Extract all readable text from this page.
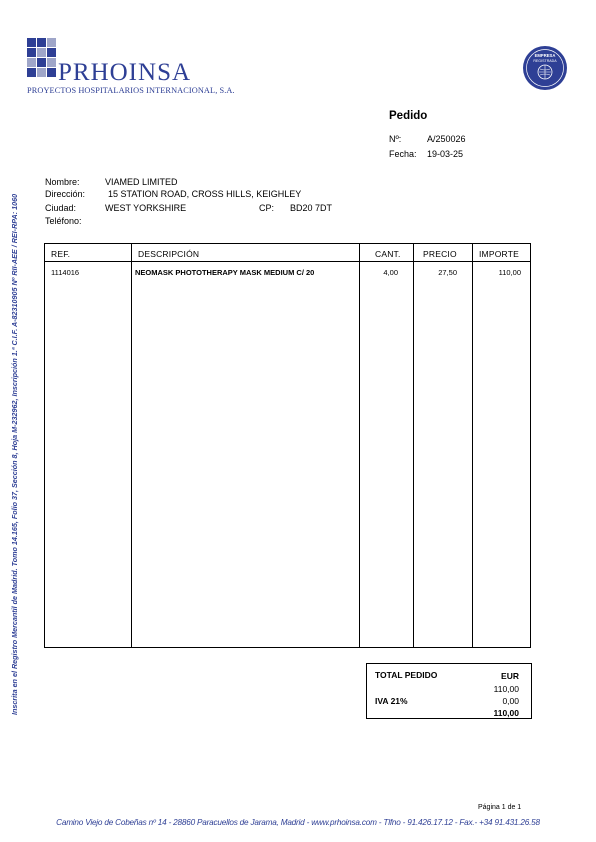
PRHOINSA
PROYECTOS HOSPITALARIOS INTERNACIONAL, S.A.
EMPRESA
REGISTRADA
Inscrita en el Registro Mercantil de Madrid. Tomo 14.165, Folio 37, Sección 8, Hoja M-232962, Inscripción 1.ª C.I.F. A-82310905 Nº RII-AEE / REI-RPA: 1060
Pedido
Nº:	A/250026
Fecha: 19-03-25
Nombre:	VIAMED LIMITED
Dirección:	15 STATION ROAD, CROSS HILLS, KEIGHLEY
Ciudad:	WEST YORKSHIRE	CP: BD20 7DT
Teléfono:
REF.	DESCRIPCIÓN	CANT.	PRECIO	IMPORTE
1114016	NEOMASK PHOTOTHERAPY MASK MEDIUM C/ 20	4,00	27,50	110,00
TOTAL PEDIDO	EUR
110,00
IVA 21%	0,00
110,00
Página 1 de 1
Camino Viejo de Cobeñas nº 14 - 28860 Paracuellos de Jarama, Madrid - www.prhoinsa.com - Tlfno - 91.426.17.12 - Fax.- +34 91.431.26.58
